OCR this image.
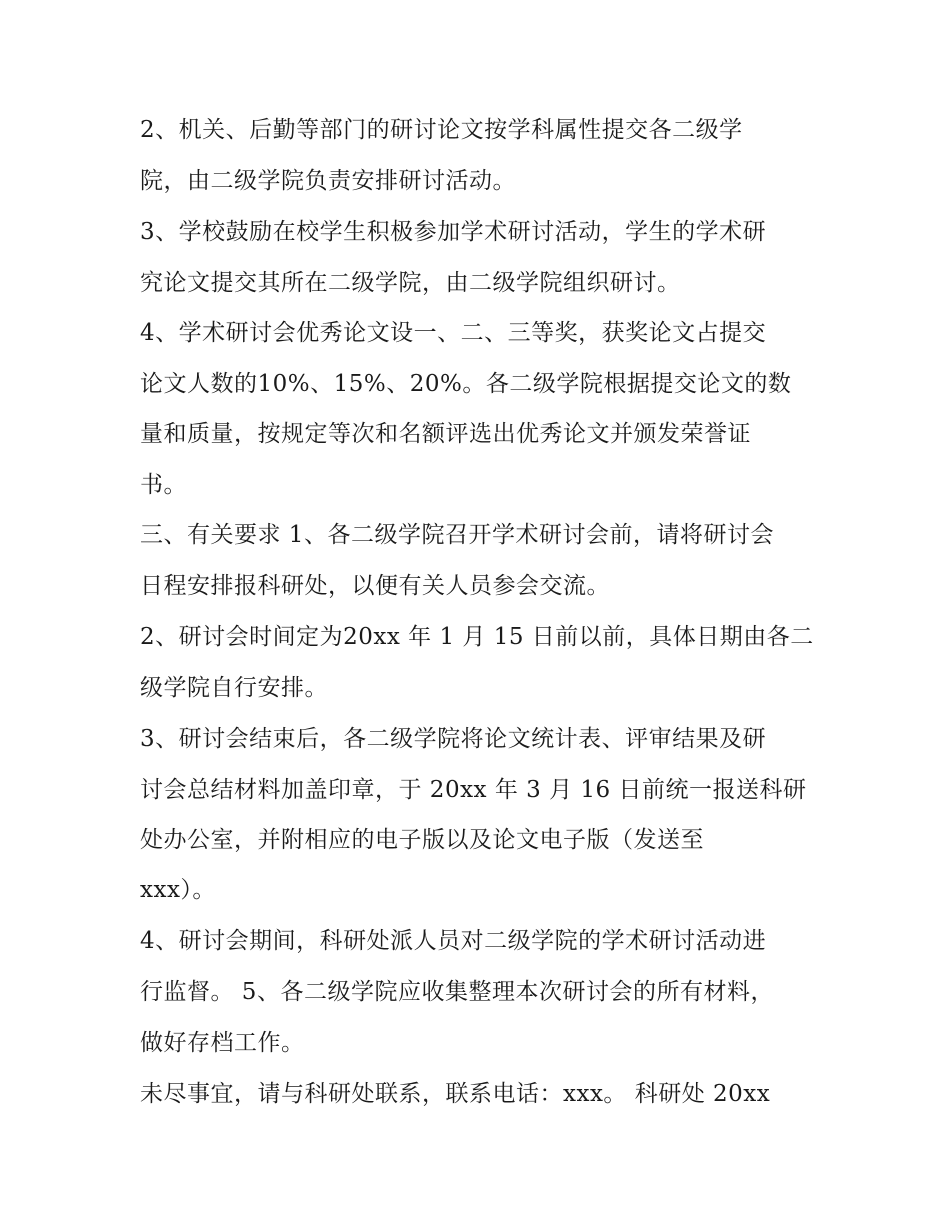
2、机关、后勤等部门的研讨论文按学科属性提交各二级学

院，由二级学院负责安排研讨活动。

3、学校鼓励在校学生积极参加学术研讨活动，学生的学术研

究论文提交其所在二级学院，由二级学院组织研讨。

4、学术研讨会优秀论文设一、二、三等奖，获奖论文占提交

论文人数的10%、15%、20%。各二级学院根据提交论文的数

量和质量，按规定等次和名额评选出优秀论文并颁发荣誉证

书。

三、有关要求 1、各二级学院召开学术研讨会前，请将研讨会

日程安排报科研处，以便有关人员参会交流。

2、研讨会时间定为20xx 年 1 月 15 日前以前，具体日期由各二

级学院自行安排。

3、研讨会结束后，各二级学院将论文统计表、评审结果及研

讨会总结材料加盖印章，于 20xx 年 3 月 16 日前统一报送科研

处办公室，并附相应的电子版以及论文电子版（发送至

xxx）。

4、研讨会期间，科研处派人员对二级学院的学术研讨活动进

行监督。 5、各二级学院应收集整理本次研讨会的所有材料，

做好存档工作。

未尽事宜，请与科研处联系，联系电话：xxx。 科研处 20xx
